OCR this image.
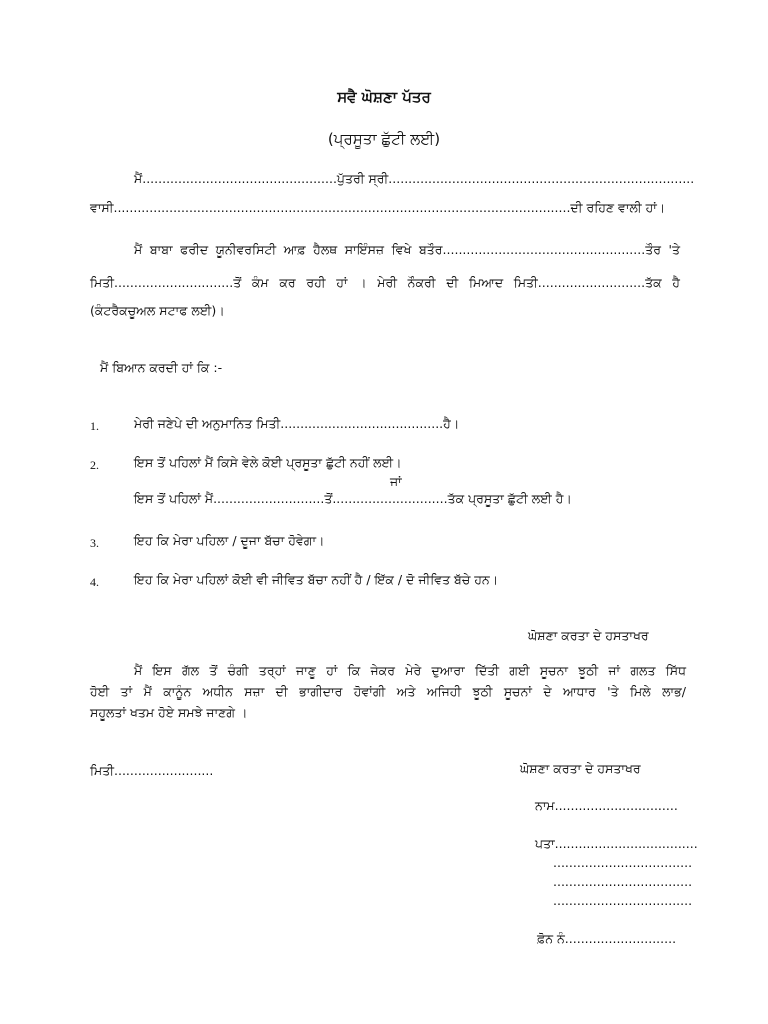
ਸਵੈ ਘੋਸ਼ਣਾ ਪੱਤਰ
(ਪ੍ਰਸੂਤਾ ਛੁੱਟੀ ਲਈ)
ਮੈਂ.................................................ਪੁੱਤਰੀ ਸ੍ਰੀ.............................................................................
ਵਾਸੀ...................................................................................................................ਦੀ ਰਹਿਣ ਵਾਲੀ ਹਾਂ।
ਮੈਂ ਬਾਬਾ ਫਰੀਦ ਯੂਨੀਵਰਸਿਟੀ ਆਫ਼ ਹੈਲਥ ਸਾਇੰਸਜ਼ ਵਿਖੇ ਬਤੌਰ...................................................ਤੌਰ 'ਤੇ
ਮਿਤੀ..............................ਤੋਂ ਕੰਮ ਕਰ ਰਹੀ ਹਾਂ । ਮੇਰੀ ਨੌਕਰੀ ਦੀ ਮਿਆਦ ਮਿਤੀ...........................ਤੱਕ ਹੈ
(ਕੰਟਰੈਕਚੂਅਲ ਸਟਾਫ ਲਈ)।
ਮੈਂ ਬਿਆਨ ਕਰਦੀ ਹਾਂ ਕਿ :-
1.	ਮੇਰੀ ਜਣੇਪੇ ਦੀ ਅਨੁਮਾਨਿਤ ਮਿਤੀ.........................................ਹੈ।
2.	ਇਸ ਤੋਂ ਪਹਿਲਾਂ ਮੈਂ ਕਿਸੇ ਵੇਲੇ ਕੋਈ ਪ੍ਰਸੂਤਾ ਛੁੱਟੀ ਨਹੀਂ ਲਈ।
ਜਾਂ
ਇਸ ਤੋਂ ਪਹਿਲਾਂ ਮੈਂ............................ਤੋਂ.............................ਤੱਕ ਪ੍ਰਸੂਤਾ ਛੁੱਟੀ ਲਈ ਹੈ।
3.	ਇਹ ਕਿ ਮੇਰਾ ਪਹਿਲਾ / ਦੂਜਾ ਬੱਚਾ ਹੋਵੇਗਾ।
4.	ਇਹ ਕਿ ਮੇਰਾ ਪਹਿਲਾਂ ਕੋਈ ਵੀ ਜੀਵਿਤ ਬੱਚਾ ਨਹੀਂ ਹੈ / ਇੱਕ / ਦੋ ਜੀਵਿਤ ਬੱਚੇ ਹਨ।
ਘੋਸ਼ਣਾ ਕਰਤਾ ਦੇ ਹਸਤਾਖਰ
ਮੈਂ ਇਸ ਗੱਲ ਤੋਂ ਚੰਗੀ ਤਰ੍ਹਾਂ ਜਾਣੂ ਹਾਂ ਕਿ ਜੇਕਰ ਮੇਰੇ ਦੁਆਰਾ ਦਿੱਤੀ ਗਈ ਸੂਚਨਾ ਝੂਠੀ ਜਾਂ ਗਲਤ ਸਿੱਧ
ਹੋਈ ਤਾਂ ਮੈਂ ਕਾਨੂੰਨ ਅਧੀਨ ਸਜ਼ਾ ਦੀ ਭਾਗੀਦਾਰ ਹੋਵਾਂਗੀ ਅਤੇ ਅਜਿਹੀ ਝੂਠੀ ਸੂਚਨਾਂ ਦੇ ਆਧਾਰ 'ਤੇ ਮਿਲੇ ਲਾਭ/
ਸਹੂਲਤਾਂ ਖਤਮ ਹੋਏ ਸਮਝੇ ਜਾਣਗੇ ।
ਮਿਤੀ.........................	ਘੋਸ਼ਣਾ ਕਰਤਾ ਦੇ ਹਸਤਾਖਰ
ਨਾਮ...............................
ਪਤਾ....................................
...................................
...................................
...................................
ਫ਼ੋਨ ਨੰ............................
